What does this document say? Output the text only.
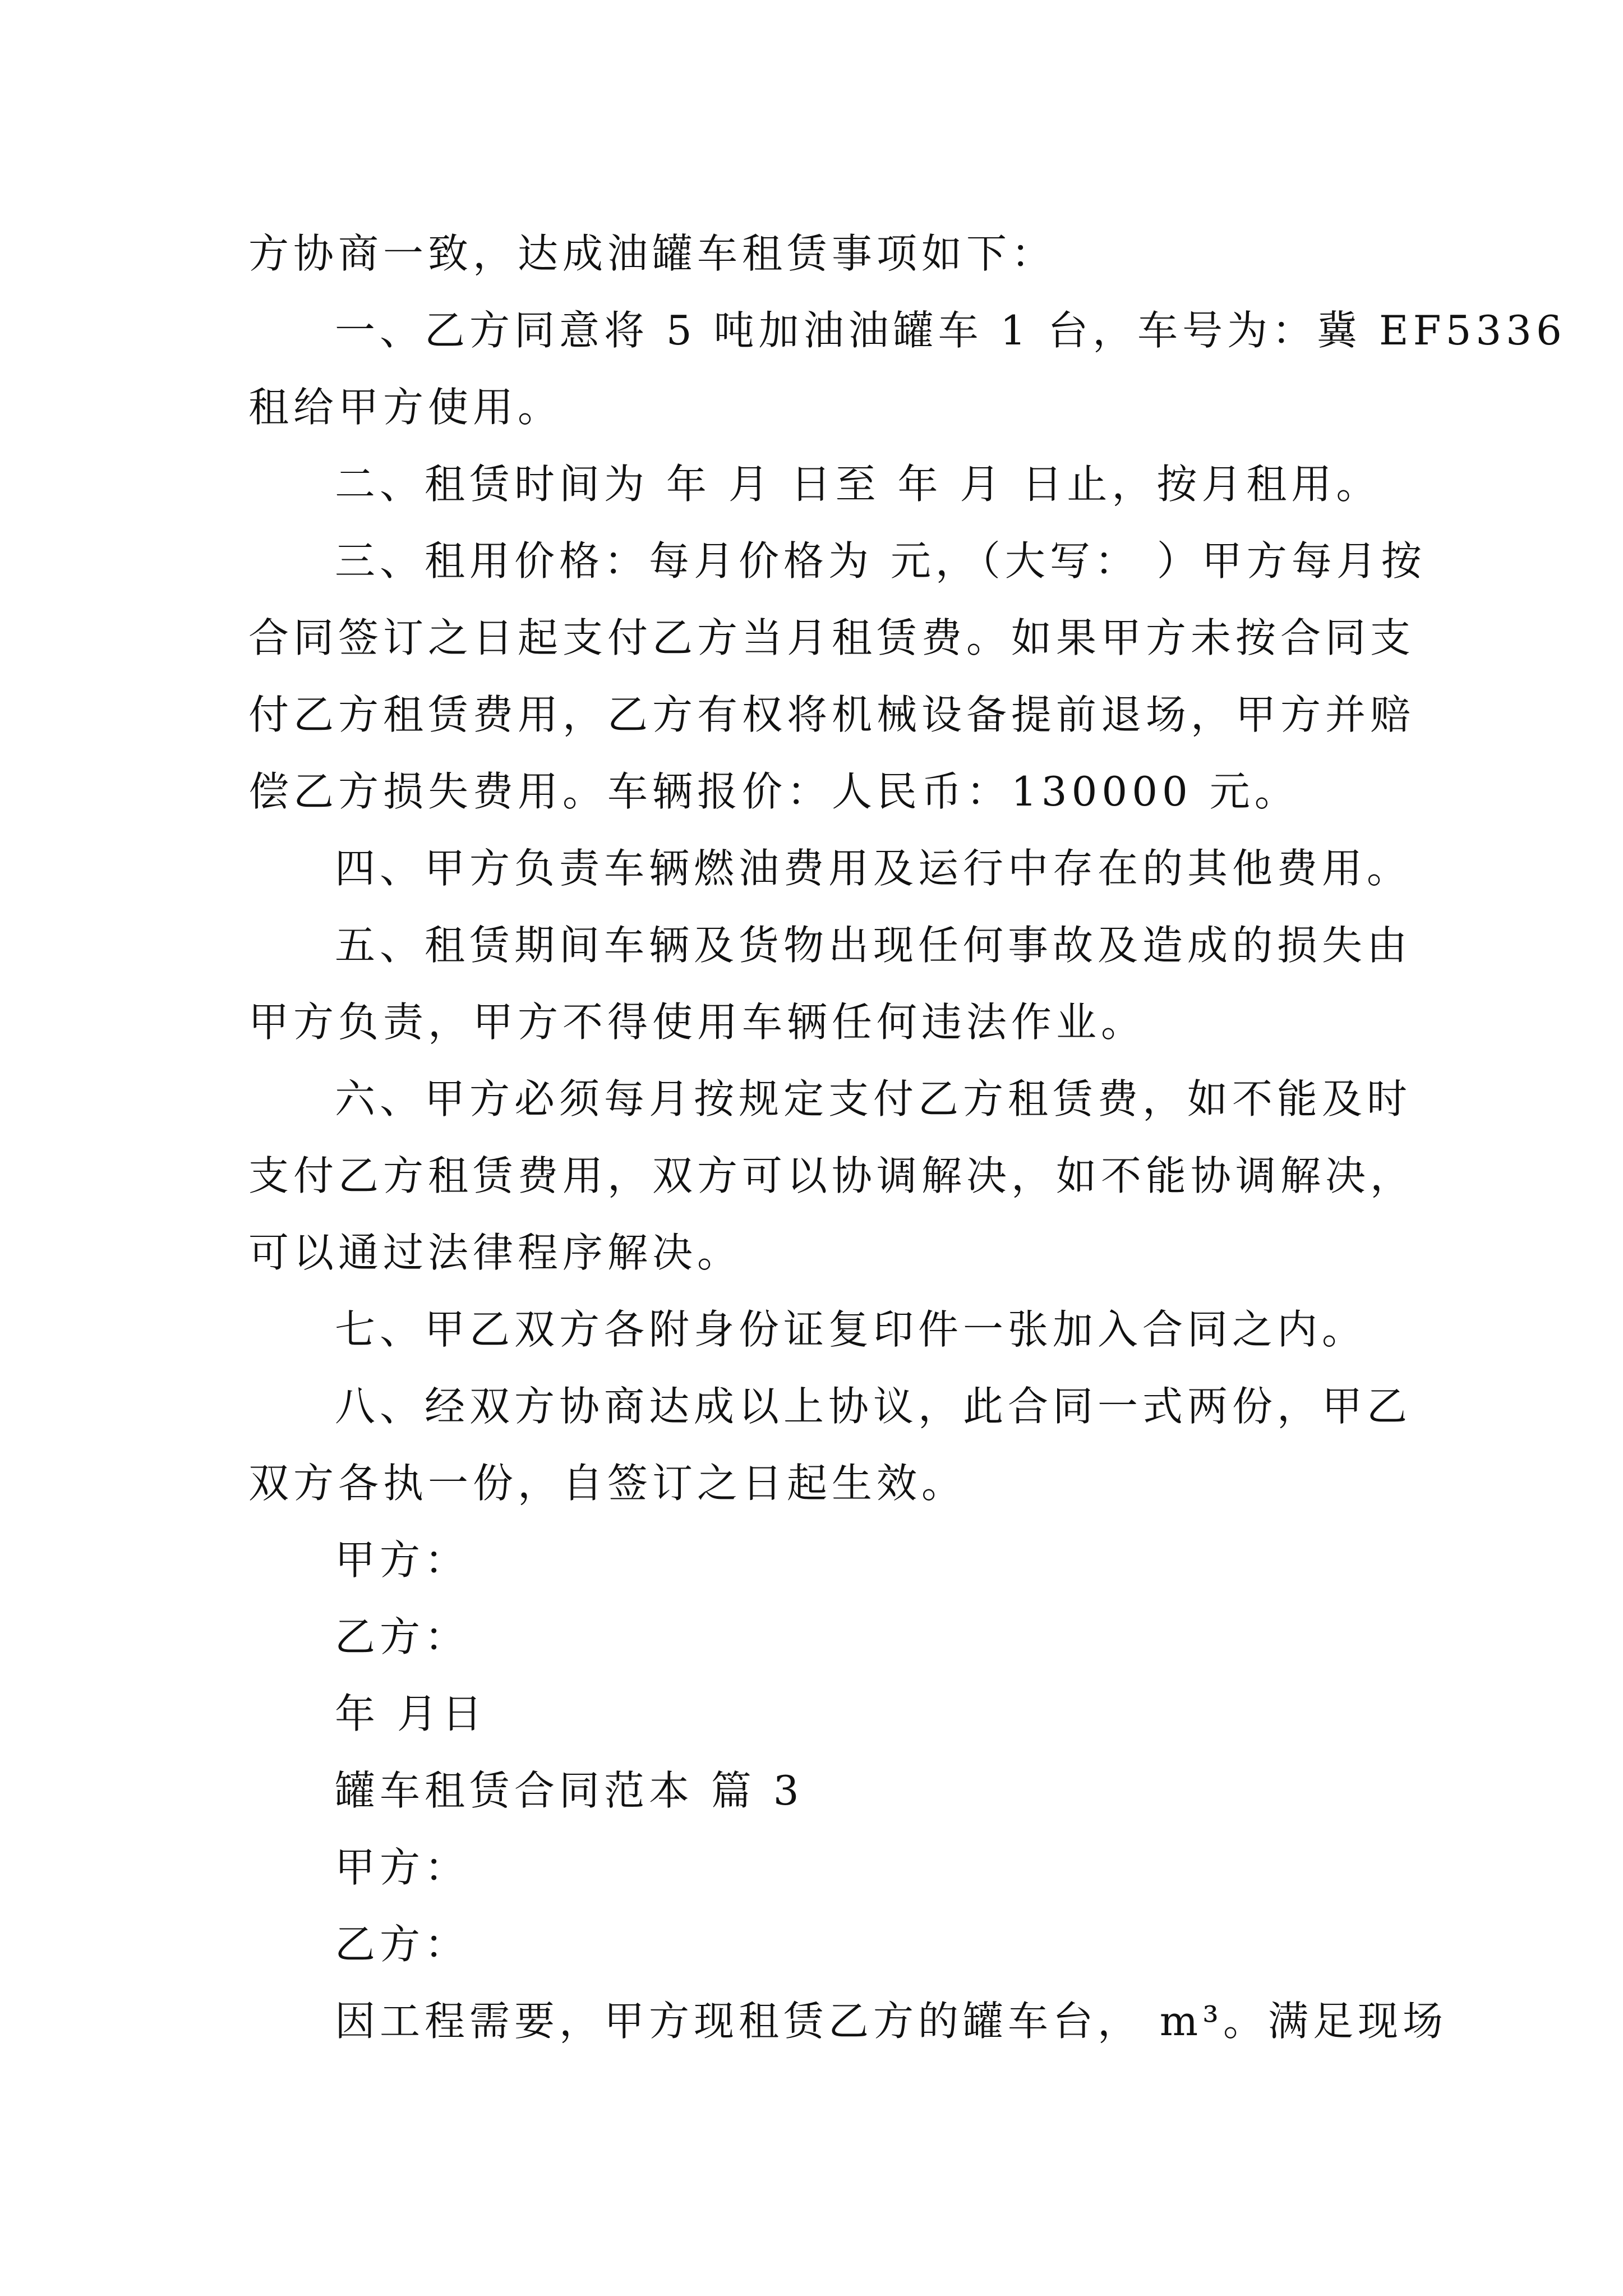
方协商一致，达成油罐车租赁事项如下：

一、乙方同意将 5 吨加油油罐车 1 台，车号为：冀 EF5336

租给甲方使用。

二、租赁时间为 年 月 日至 年 月 日止，按月租用。

三、租用价格：每月价格为 元，（大写： ）甲方每月按

合同签订之日起支付乙方当月租赁费。如果甲方未按合同支

付乙方租赁费用，乙方有权将机械设备提前退场，甲方并赔

偿乙方损失费用。车辆报价：人民币：130000 元。

四、甲方负责车辆燃油费用及运行中存在的其他费用。

五、租赁期间车辆及货物出现任何事故及造成的损失由

甲方负责，甲方不得使用车辆任何违法作业。

六、甲方必须每月按规定支付乙方租赁费，如不能及时

支付乙方租赁费用，双方可以协调解决，如不能协调解决，

可以通过法律程序解决。

七、甲乙双方各附身份证复印件一张加入合同之内。

八、经双方协商达成以上协议，此合同一式两份，甲乙

双方各执一份，自签订之日起生效。

甲方：

乙方：

年 月日

罐车租赁合同范本 篇 3

甲方：

乙方：

因工程需要，甲方现租赁乙方的罐车台， m³。满足现场
